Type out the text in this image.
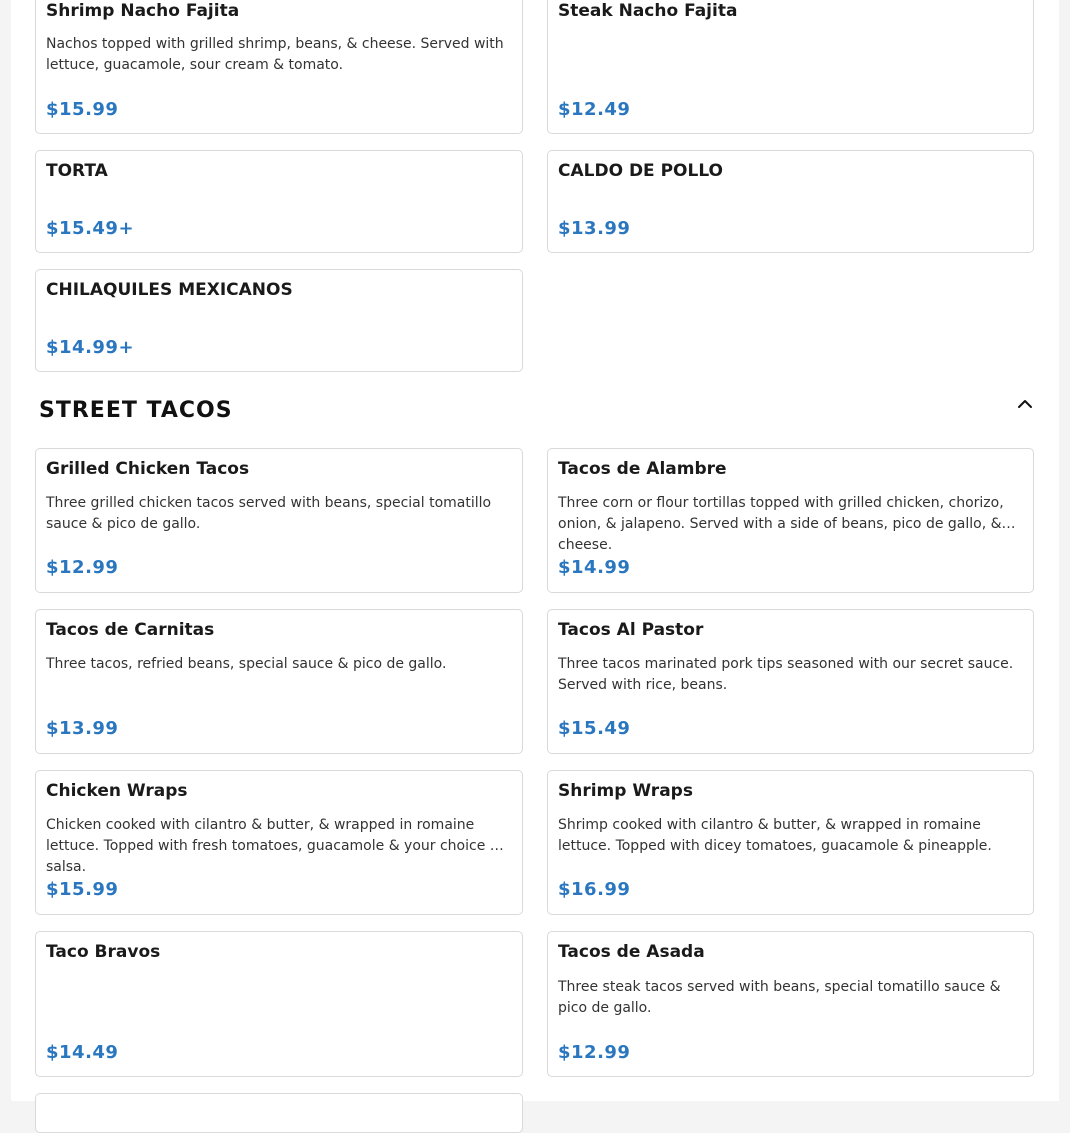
Shrimp Nacho Fajita
Nachos topped with grilled shrimp, beans, & cheese. Served with lettuce, guacamole, sour cream & tomato.
$15.99
Steak Nacho Fajita
$12.49
TORTA
$15.49+
CALDO DE POLLO
$13.99
CHILAQUILES MEXICANOS
$14.99+
STREET TACOS
Grilled Chicken Tacos
Three grilled chicken tacos served with beans, special tomatillo sauce & pico de gallo.
$12.99
Tacos de Alambre
Three corn or flour tortillas topped with grilled chicken, chorizo, onion, & jalapeno. Served with a side of beans, pico de gallo, & cheese.
$14.99
Tacos de Carnitas
Three tacos, refried beans, special sauce & pico de gallo.
$13.99
Tacos Al Pastor
Three tacos marinated pork tips seasoned with our secret sauce. Served with rice, beans.
$15.49
Chicken Wraps
Chicken cooked with cilantro & butter, & wrapped in romaine lettuce. Topped with fresh tomatoes, guacamole & your choice of salsa.
$15.99
Shrimp Wraps
Shrimp cooked with cilantro & butter, & wrapped in romaine lettuce. Topped with dicey tomatoes, guacamole & pineapple.
$16.99
Taco Bravos
$14.49
Tacos de Asada
Three steak tacos served with beans, special tomatillo sauce & pico de gallo.
$12.99
